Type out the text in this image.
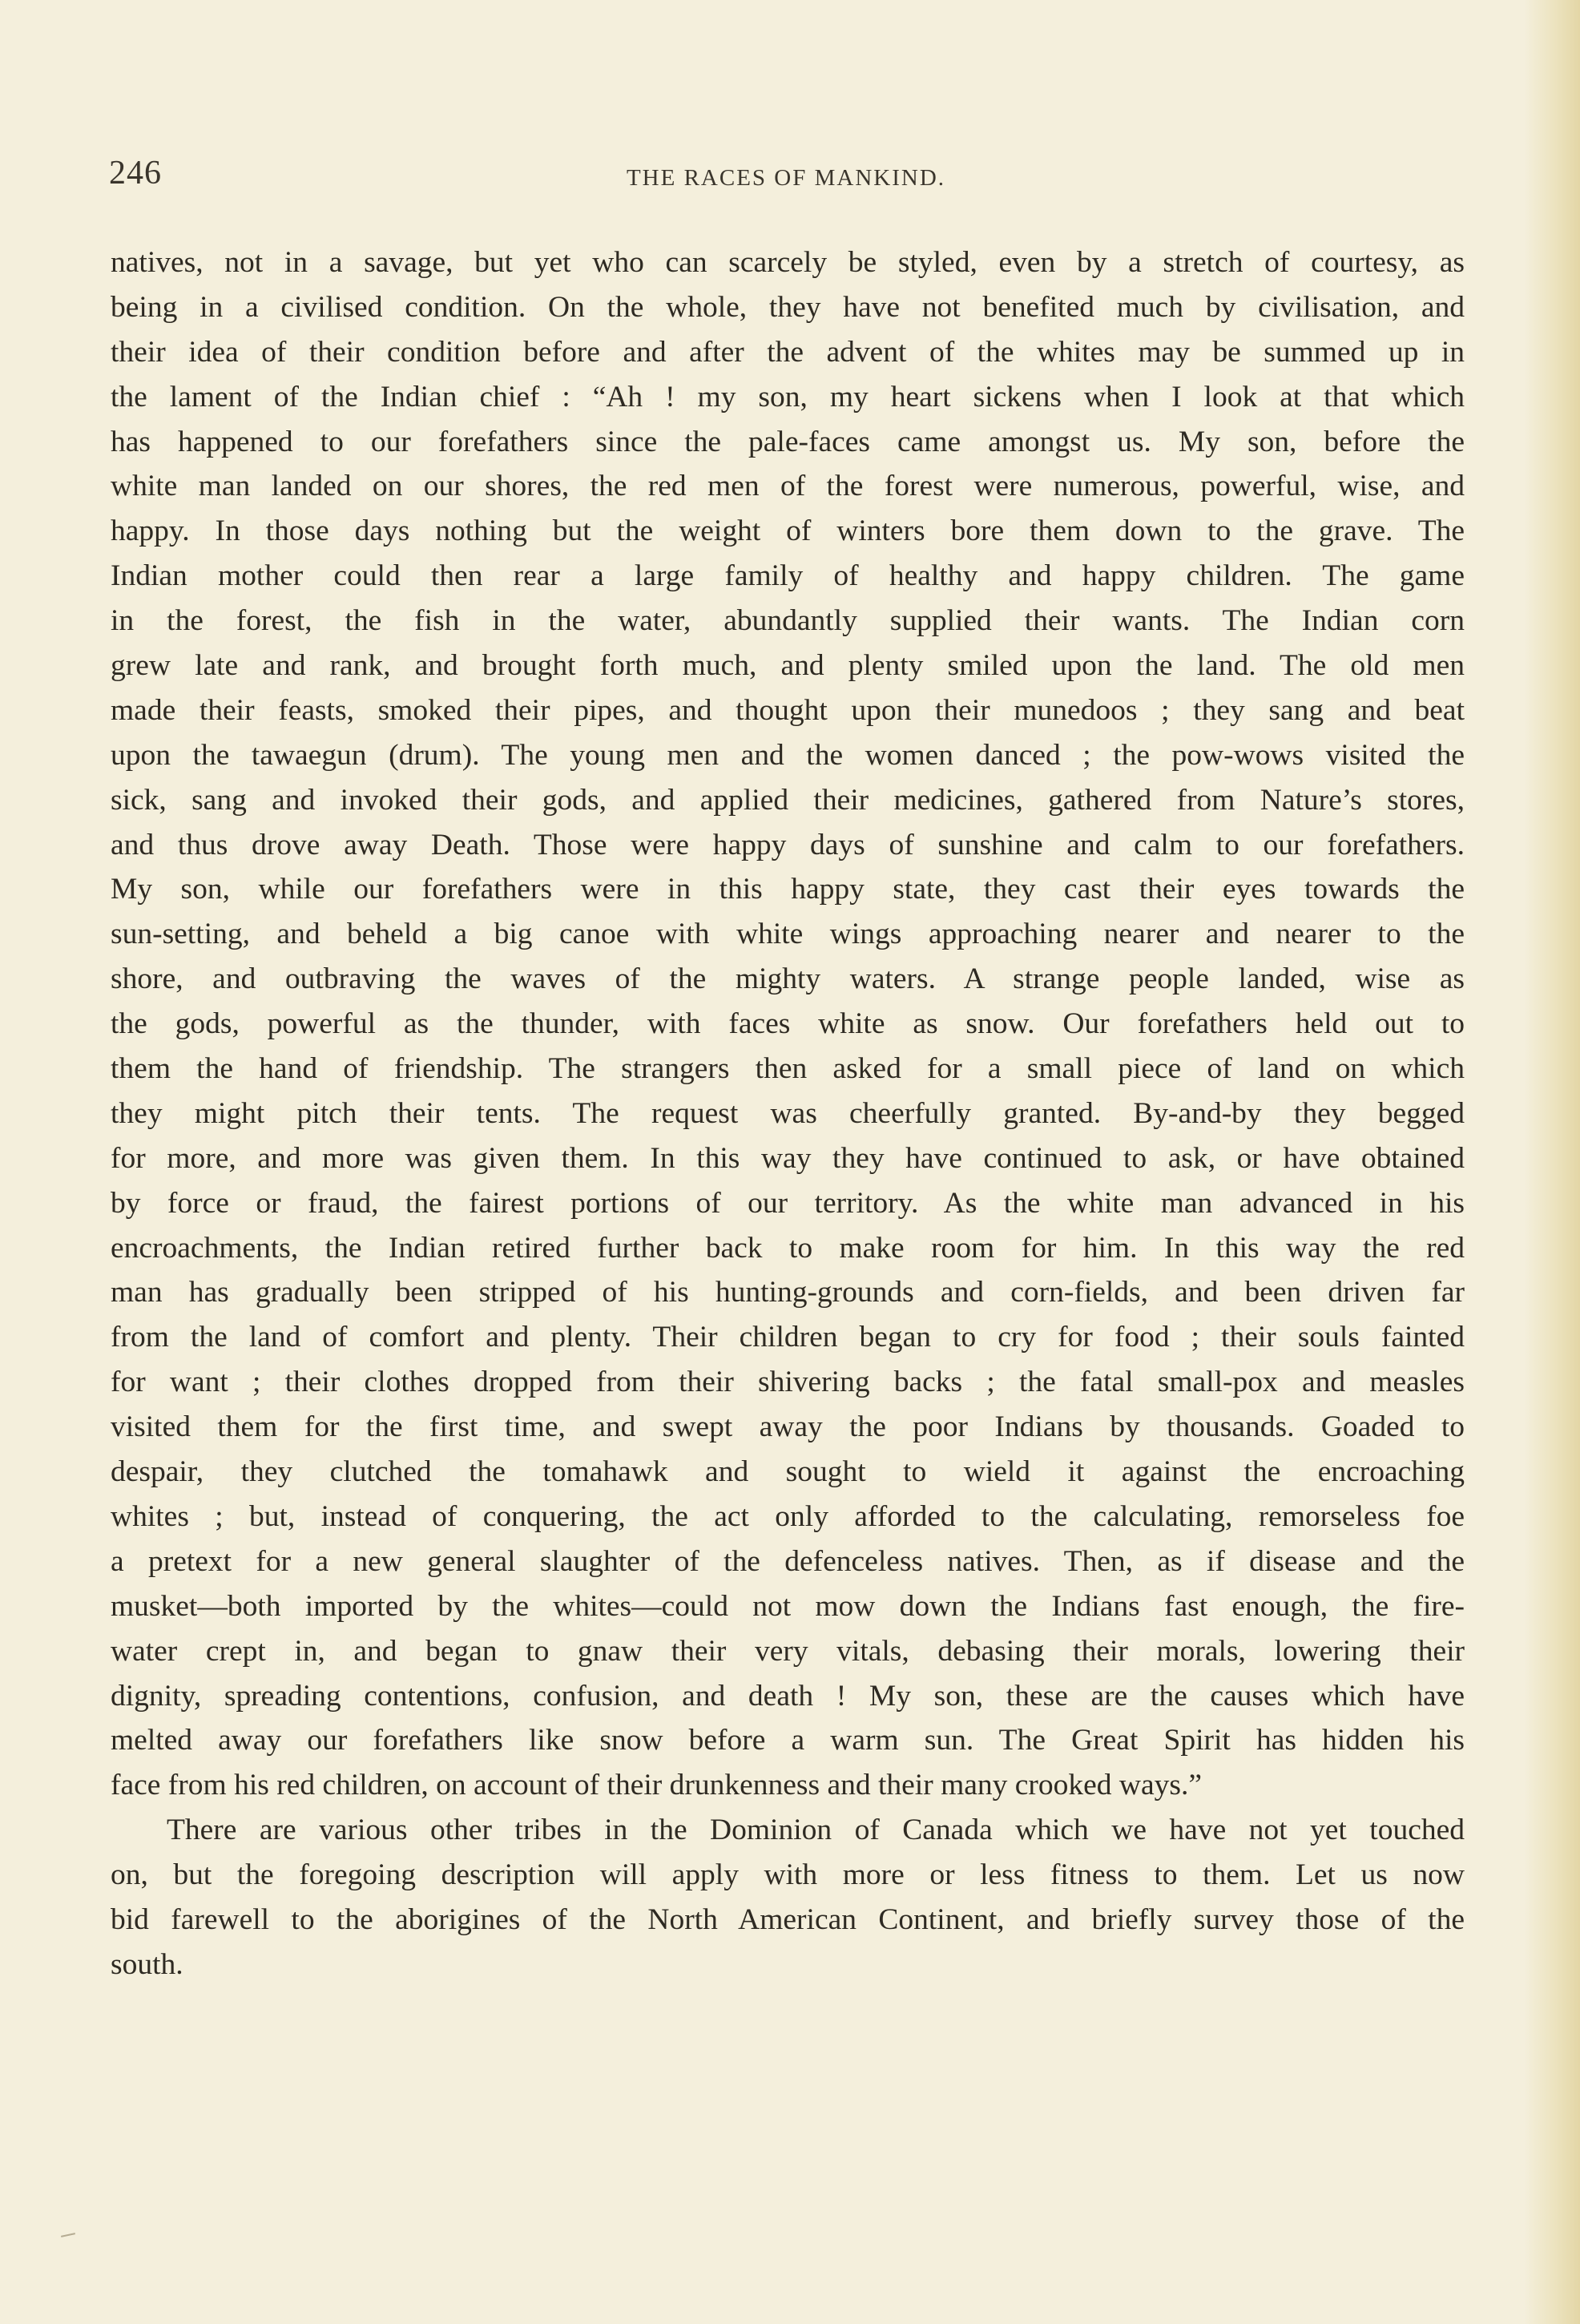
246	THE RACES OF MANKIND.
natives, not in a savage, but yet who can scarcely be styled, even by a stretch of courtesy, as
being in a civilised condition. On the whole, they have not benefited much by civilisation, and
their idea of their condition before and after the advent of the whites may be summed up in
the lament of the Indian chief : “Ah ! my son, my heart sickens when I look at that which
has happened to our forefathers since the pale-faces came amongst us. My son, before the
white man landed on our shores, the red men of the forest were numerous, powerful, wise, and
happy. In those days nothing but the weight of winters bore them down to the grave. The
Indian mother could then rear a large family of healthy and happy children. The game
in the forest, the fish in the water, abundantly supplied their wants. The Indian corn
grew late and rank, and brought forth much, and plenty smiled upon the land. The old men
made their feasts, smoked their pipes, and thought upon their munedoos ; they sang and beat
upon the tawaegun (drum). The young men and the women danced ; the pow-wows visited the
sick, sang and invoked their gods, and applied their medicines, gathered from Nature’s stores,
and thus drove away Death. Those were happy days of sunshine and calm to our forefathers.
My son, while our forefathers were in this happy state, they cast their eyes towards the
sun-setting, and beheld a big canoe with white wings approaching nearer and nearer to the
shore, and outbraving the waves of the mighty waters. A strange people landed, wise as
the gods, powerful as the thunder, with faces white as snow. Our forefathers held out to
them the hand of friendship. The strangers then asked for a small piece of land on which
they might pitch their tents. The request was cheerfully granted. By-and-by they begged
for more, and more was given them. In this way they have continued to ask, or have obtained
by force or fraud, the fairest portions of our territory. As the white man advanced in his
encroachments, the Indian retired further back to make room for him. In this way the red
man has gradually been stripped of his hunting-grounds and corn-fields, and been driven far
from the land of comfort and plenty. Their children began to cry for food ; their souls fainted
for want ; their clothes dropped from their shivering backs ; the fatal small-pox and measles
visited them for the first time, and swept away the poor Indians by thousands. Goaded to
despair, they clutched the tomahawk and sought to wield it against the encroaching
whites ; but, instead of conquering, the act only afforded to the calculating, remorseless foe
a pretext for a new general slaughter of the defenceless natives. Then, as if disease and the
musket—both imported by the whites—could not mow down the Indians fast enough, the fire-
water crept in, and began to gnaw their very vitals, debasing their morals, lowering their
dignity, spreading contentions, confusion, and death ! My son, these are the causes which have
melted away our forefathers like snow before a warm sun. The Great Spirit has hidden his
face from his red children, on account of their drunkenness and their many crooked ways.”
There are various other tribes in the Dominion of Canada which we have not yet touched
on, but the foregoing description will apply with more or less fitness to them. Let us now
bid farewell to the aborigines of the North American Continent, and briefly survey those of the
south.
